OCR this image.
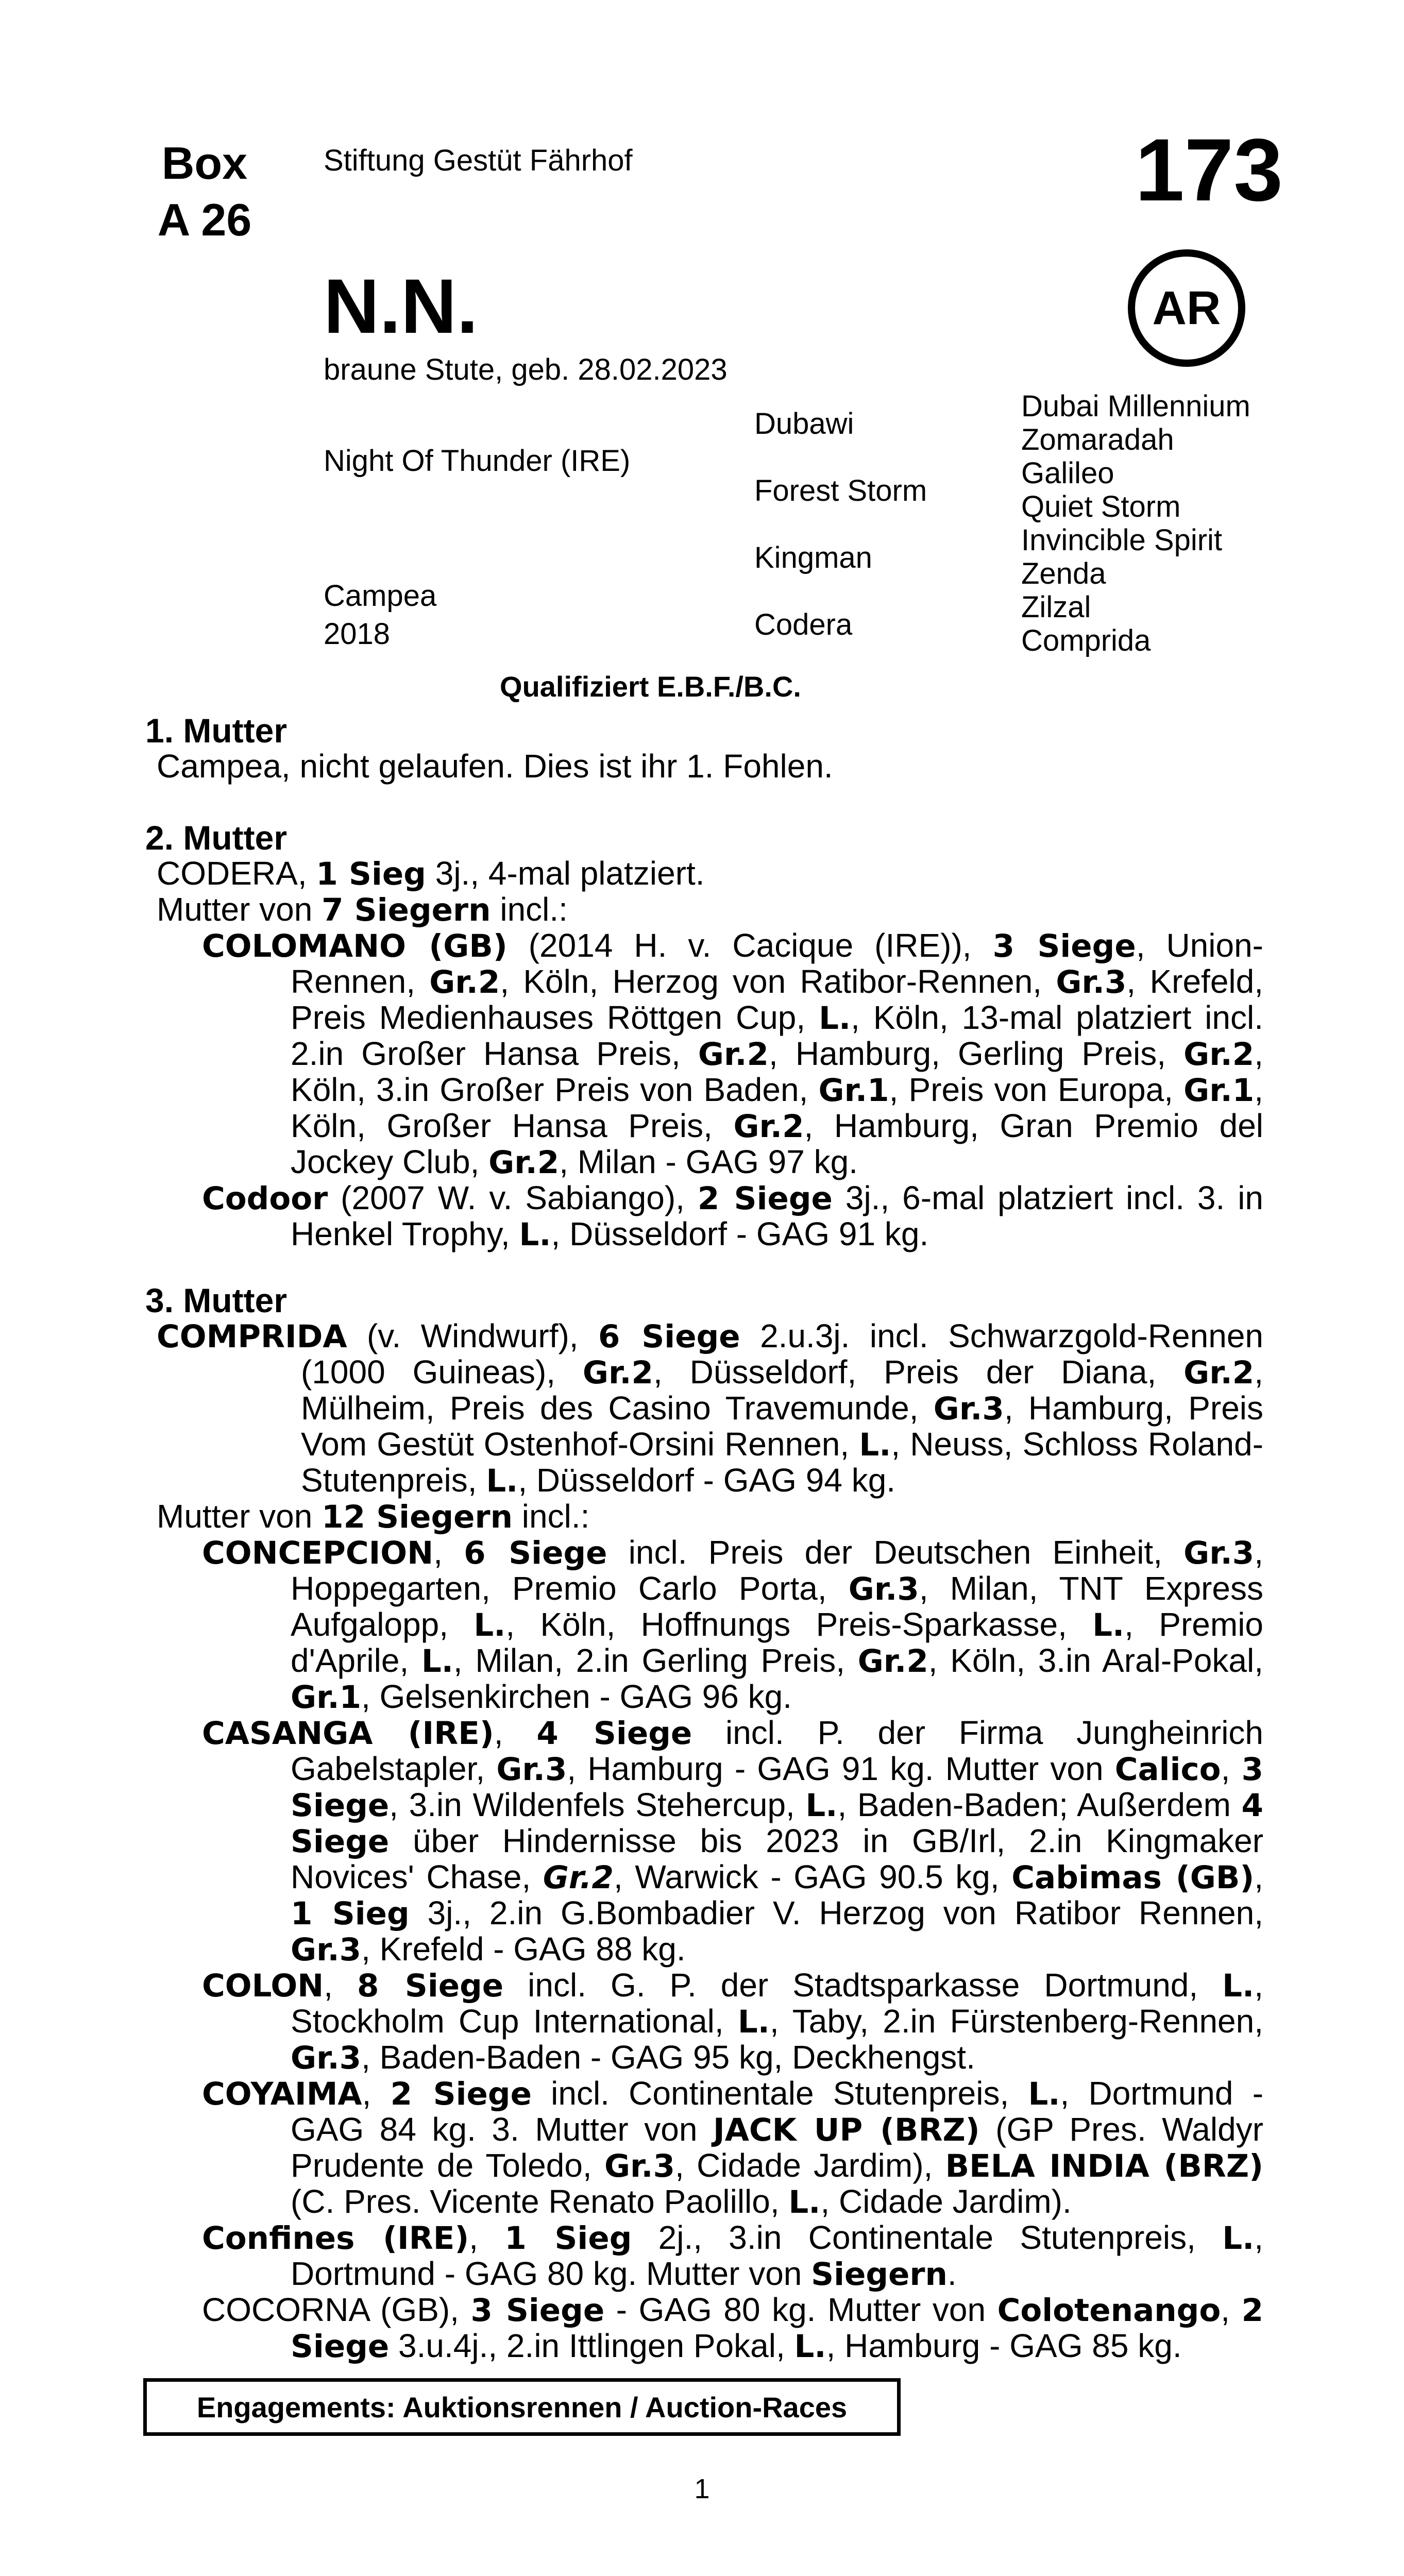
Box
A 26
Stiftung Gestüt Fährhof	173
AR
N.N.
braune Stute, geb. 28.02.2023
Night Of Thunder (IRE)
Campea
2018
Dubawi
Forest Storm
Kingman
Codera
Dubai Millennium
Zomaradah
Galileo
Quiet Storm
Invincible Spirit
Zenda
Zilzal
Comprida
Qualifiziert E.B.F./B.C.
1. Mutter
Campea, nicht gelaufen. Dies ist ihr 1. Fohlen.
2. Mutter
CODERA, 1 Sieg 3j., 4-mal platziert.
Mutter von 7 Siegern incl.:
COLOMANO (GB) (2014 H. v. Cacique (IRE)), 3 Siege, Union-Rennen, Gr.2, Köln, Herzog von Ratibor-Rennen, Gr.3, Krefeld, Preis Medienhauses Röttgen Cup, L., Köln, 13-mal platziert incl. 2.in Großer Hansa Preis, Gr.2, Hamburg, Gerling Preis, Gr.2, Köln, 3.in Großer Preis von Baden, Gr.1, Preis von Europa, Gr.1, Köln, Großer Hansa Preis, Gr.2, Hamburg, Gran Premio del Jockey Club, Gr.2, Milan - GAG 97 kg.
Codoor (2007 W. v. Sabiango), 2 Siege 3j., 6-mal platziert incl. 3. in Henkel Trophy, L., Düsseldorf - GAG 91 kg.
3. Mutter
COMPRIDA (v. Windwurf), 6 Siege 2.u.3j. incl. Schwarzgold-Rennen (1000 Guineas), Gr.2, Düsseldorf, Preis der Diana, Gr.2, Mülheim, Preis des Casino Travemunde, Gr.3, Hamburg, Preis Vom Gestüt Ostenhof-Orsini Rennen, L., Neuss, Schloss Roland-Stutenpreis, L., Düsseldorf - GAG 94 kg.
Mutter von 12 Siegern incl.:
CONCEPCION, 6 Siege incl. Preis der Deutschen Einheit, Gr.3, Hoppegarten, Premio Carlo Porta, Gr.3, Milan, TNT Express Aufgalopp, L., Köln, Hoffnungs Preis-Sparkasse, L., Premio d'Aprile, L., Milan, 2.in Gerling Preis, Gr.2, Köln, 3.in Aral-Pokal, Gr.1, Gelsenkirchen - GAG 96 kg.
CASANGA (IRE), 4 Siege incl. P. der Firma Jungheinrich Gabelstapler, Gr.3, Hamburg - GAG 91 kg. Mutter von Calico, 3 Siege, 3.in Wildenfels Stehercup, L., Baden-Baden; Außerdem 4 Siege über Hindernisse bis 2023 in GB/Irl, 2.in Kingmaker Novices' Chase, Gr.2, Warwick - GAG 90.5 kg, Cabimas (GB), 1 Sieg 3j., 2.in G.Bombadier V. Herzog von Ratibor Rennen, Gr.3, Krefeld - GAG 88 kg.
COLON, 8 Siege incl. G. P. der Stadtsparkasse Dortmund, L., Stockholm Cup International, L., Taby, 2.in Fürstenberg-Rennen, Gr.3, Baden-Baden - GAG 95 kg, Deckhengst.
COYAIMA, 2 Siege incl. Continentale Stutenpreis, L., Dortmund - GAG 84 kg. 3. Mutter von JACK UP (BRZ) (GP Pres. Waldyr Prudente de Toledo, Gr.3, Cidade Jardim), BELA INDIA (BRZ) (C. Pres. Vicente Renato Paolillo, L., Cidade Jardim).
Confines (IRE), 1 Sieg 2j., 3.in Continentale Stutenpreis, L., Dortmund - GAG 80 kg. Mutter von Siegern.
COCORNA (GB), 3 Siege - GAG 80 kg. Mutter von Colotenango, 2 Siege 3.u.4j., 2.in Ittlingen Pokal, L., Hamburg - GAG 85 kg.
Engagements: Auktionsrennen / Auction-Races
1
